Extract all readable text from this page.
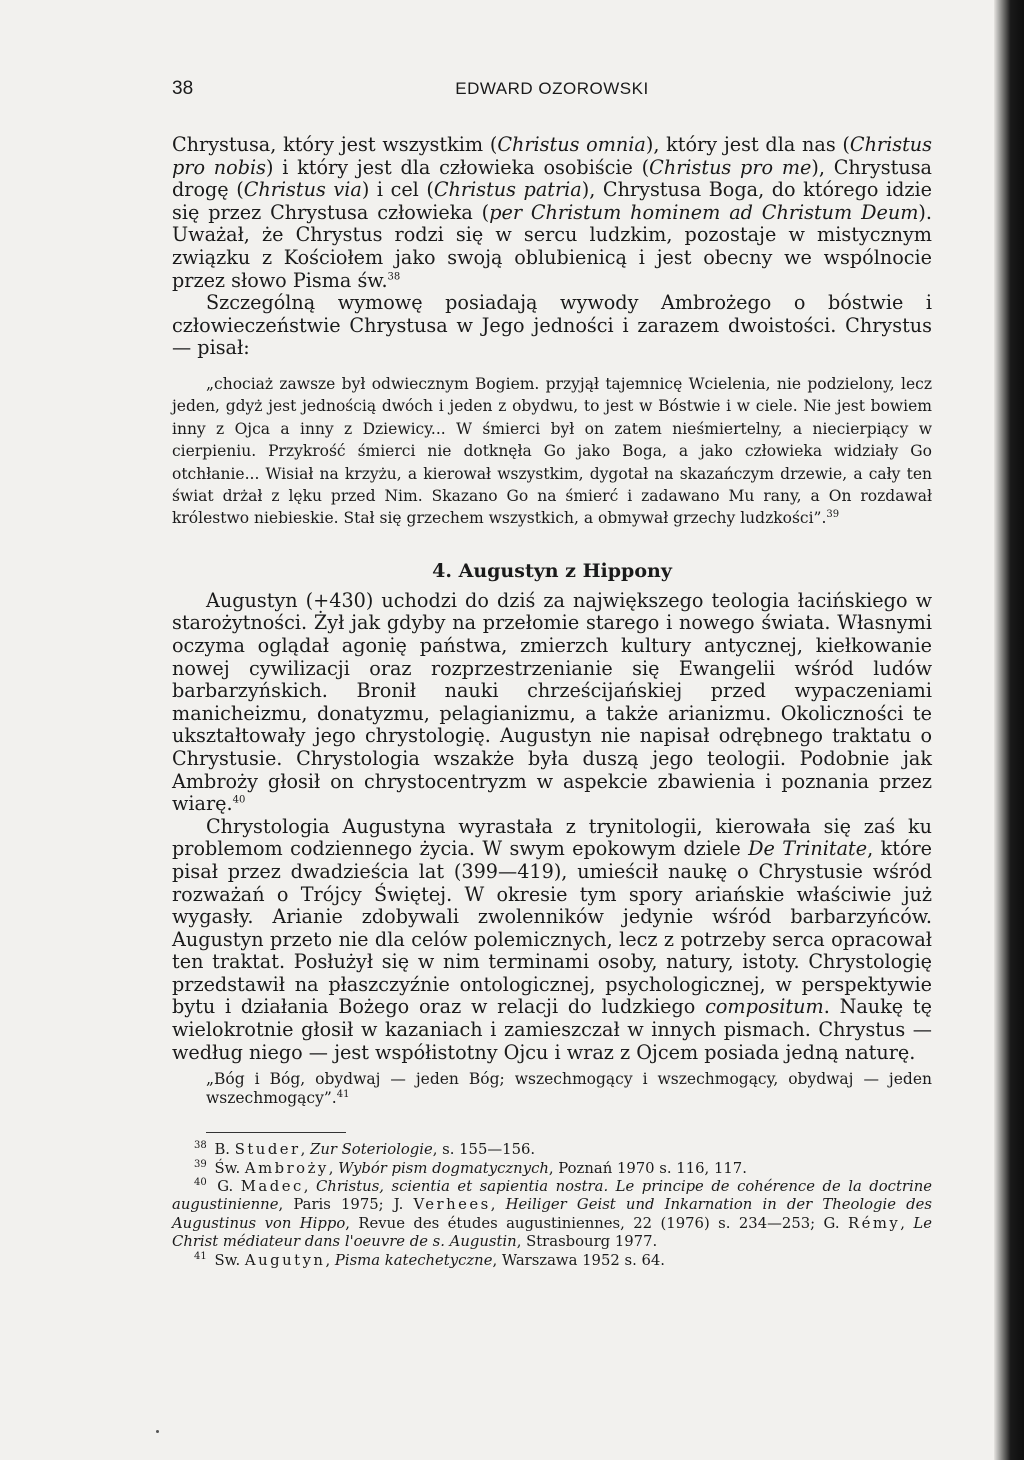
38	EDWARD OZOROWSKI

Chrystusa, który jest wszystkim (Christus omnia), który jest dla nas (Christus pro nobis) i który jest dla człowieka osobiście (Christus pro me), Chrystusa drogę (Christus via) i cel (Christus patria), Chrystusa Boga, do którego idzie się przez Chrystusa człowieka (per Christum hominem ad Christum Deum). Uważał, że Chrystus rodzi się w sercu ludzkim, pozostaje w mistycznym związku z Kościołem jako swoją oblubienicą i jest obecny we wspólnocie przez słowo Pisma św.$^{38}$

Szczególną wymowę posiadają wywody Ambrożego o bóstwie i człowieczeństwie Chrystusa w Jego jedności i zarazem dwoistości. Chrystus — pisał:

„chociaż zawsze był odwiecznym Bogiem. przyjął tajemnicę Wcielenia, nie podzielony, lecz jeden, gdyż jest jednością dwóch i jeden z obydwu, to jest w Bóstwie i w ciele. Nie jest bowiem inny z Ojca a inny z Dziewicy... W śmierci był on zatem nieśmiertelny, a niecierpiący w cierpieniu. Przykrość śmierci nie dotknęła Go jako Boga, a jako człowieka widziały Go otchłanie... Wisiał na krzyżu, a kierował wszystkim, dygotał na skazańczym drzewie, a cały ten świat drżał z lęku przed Nim. Skazano Go na śmierć i zadawano Mu rany, a On rozdawał królestwo niebieskie. Stał się grzechem wszystkich, a obmywał grzechy ludzkości”.$^{39}$

4. Augustyn z Hippony

Augustyn (+430) uchodzi do dziś za największego teologia łacińskiego w starożytności. Żył jak gdyby na przełomie starego i nowego świata. Własnymi oczyma oglądał agonię państwa, zmierzch kultury antycznej, kiełkowanie nowej cywilizacji oraz rozprzestrzenianie się Ewangelii wśród ludów barbarzyńskich. Bronił nauki chrześcijańskiej przed wypaczeniami manicheizmu, donatyzmu, pelagianizmu, a także arianizmu. Okoliczności te ukształtowały jego chrystologię. Augustyn nie napisał odrębnego traktatu o Chrystusie. Chrystologia wszakże była duszą jego teologii. Podobnie jak Ambroży głosił on chrystocentryzm w aspekcie zbawienia i poznania przez wiarę.$^{40}$

Chrystologia Augustyna wyrastała z trynitologii, kierowała się zaś ku problemom codziennego życia. W swym epokowym dziele De Trinitate, które pisał przez dwadzieścia lat (399—419), umieścił naukę o Chrystusie wśród rozważań o Trójcy Świętej. W okresie tym spory ariańskie właściwie już wygasły. Arianie zdobywali zwolenników jedynie wśród barbarzyńców. Augustyn przeto nie dla celów polemicznych, lecz z potrzeby serca opracował ten traktat. Posłużył się w nim terminami osoby, natury, istoty. Chrystologię przedstawił na płaszczyźnie ontologicznej, psychologicznej, w perspektywie bytu i działania Bożego oraz w relacji do ludzkiego compositum. Naukę tę wielokrotnie głosił w kazaniach i zamieszczał w innych pismach. Chrystus — według niego — jest współistotny Ojcu i wraz z Ojcem posiada jedną naturę.

„Bóg i Bóg, obydwaj — jeden Bóg; wszechmogący i wszechmogący, obydwaj — jeden wszechmogący”.$^{41}$

$^{38}$ B. Studer, Zur Soteriologie, s. 155—156.

$^{39}$ Św. Ambroży, Wybór pism dogmatycznych, Poznań 1970 s. 116, 117.

$^{40}$ G. Madec, Christus, scientia et sapientia nostra. Le principe de cohérence de la doctrine augustinienne, Paris 1975; J. Verhees, Heiliger Geist und Inkarnation in der Theologie des Augustinus von Hippo, Revue des études augustiniennes, 22 (1976) s. 234—253; G. Rémy, Le Christ médiateur dans l'oeuvre de s. Augustin, Strasbourg 1977.

$^{41}$ Sw. Augutyn, Pisma katechetyczne, Warszawa 1952 s. 64.
